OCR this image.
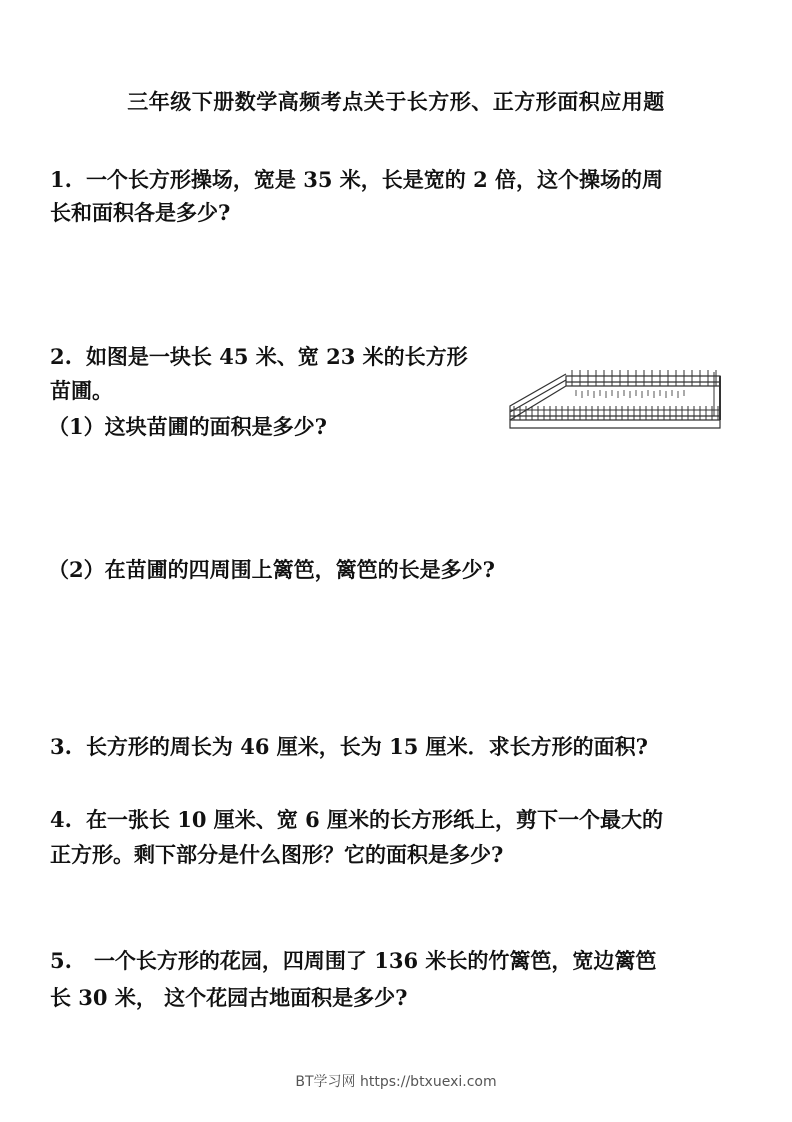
三年级下册数学高频考点关于长方形、正方形面积应用题
1. 一个长方形操场，宽是 35 米，长是宽的 2 倍，这个操场的周
长和面积各是多少?
2. 如图是一块长 45 米、宽 23 米的长方形
苗圃。
（1）这块苗圃的面积是多少?
（2）在苗圃的四周围上篱笆，篱笆的长是多少?
3. 长方形的周长为 46 厘米，长为 15 厘米．求长方形的面积?
4. 在一张长 10 厘米、宽 6 厘米的长方形纸上，剪下一个最大的
正方形。剩下部分是什么图形？它的面积是多少?
5. 一个长方形的花园，四周围了 136 米长的竹篱笆，宽边篱笆
长 30 米， 这个花园古地面积是多少?
BT学习网 https://btxuexi.com
